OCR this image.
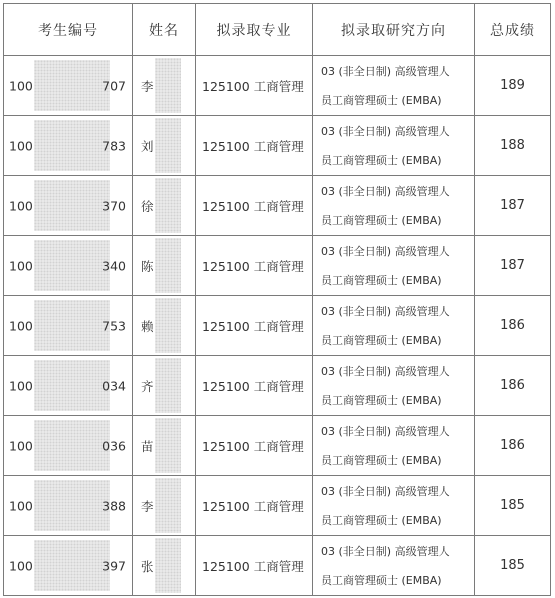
考生编号	姓名	拟录取专业	拟录取研究方向	总成绩

100 707	李	125100 工商管理	03 (非全日制) 高级管理人
员工商管理硕士 (EMBA)	189

100 783	刘	125100 工商管理	03 (非全日制) 高级管理人
员工商管理硕士 (EMBA)	188

100 370	徐	125100 工商管理	03 (非全日制) 高级管理人
员工商管理硕士 (EMBA)	187

100 340	陈	125100 工商管理	03 (非全日制) 高级管理人
员工商管理硕士 (EMBA)	187

100 753	赖	125100 工商管理	03 (非全日制) 高级管理人
员工商管理硕士 (EMBA)	186

100 034	齐	125100 工商管理	03 (非全日制) 高级管理人
员工商管理硕士 (EMBA)	186

100 036	苗	125100 工商管理	03 (非全日制) 高级管理人
员工商管理硕士 (EMBA)	186

100 388	李	125100 工商管理	03 (非全日制) 高级管理人
员工商管理硕士 (EMBA)	185

100 397	张	125100 工商管理	03 (非全日制) 高级管理人
员工商管理硕士 (EMBA)	185
